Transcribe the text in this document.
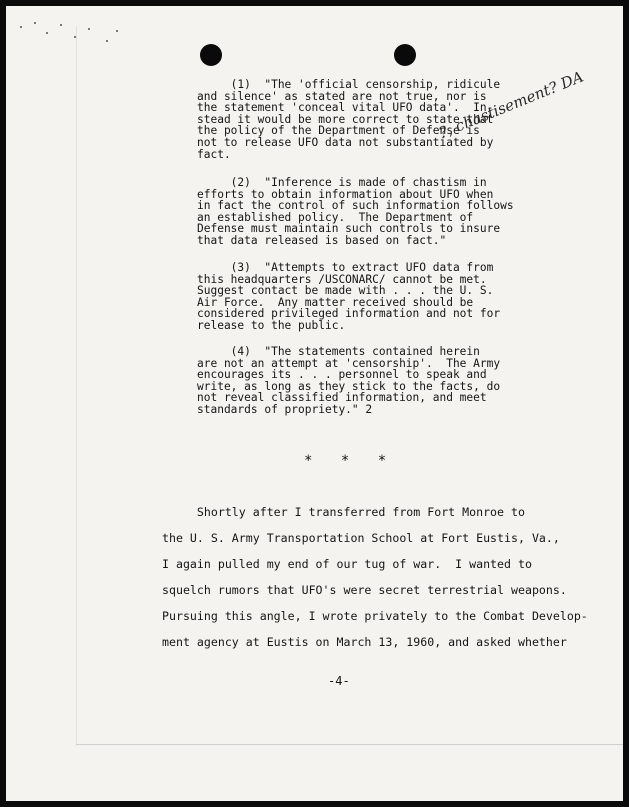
(1)  "The 'official censorship, ridicule
and silence' as stated are not true, nor is
the statement 'conceal vital UFO data'.  In-
stead it would be more correct to state that
the policy of the Department of Defense is
not to release UFO data not substantiated by
fact.

(2)  "Inference is made of chastism in
efforts to obtain information about UFO when
in fact the control of such information follows
an established policy.  The Department of
Defense must maintain such controls to insure
that data released is based on fact."

(3)  "Attempts to extract UFO data from
this headquarters /USCONARC/ cannot be met.
Suggest contact be made with . . . the U. S.
Air Force.  Any matter received should be
considered privileged information and not for
release to the public.

(4)  "The statements contained herein
are not an attempt at 'censorship'.  The Army
encourages its . . . personnel to speak and
write, as long as they stick to the facts, do
not reveal classified information, and meet
standards of propriety." 2

?, chastisement? DA
* * *

Shortly after I transferred from Fort Monroe to
the U. S. Army Transportation School at Fort Eustis, Va.,
I again pulled my end of our tug of war.  I wanted to
squelch rumors that UFO's were secret terrestrial weapons.
Pursuing this angle, I wrote privately to the Combat Develop-
ment agency at Eustis on March 13, 1960, and asked whether

-4-
